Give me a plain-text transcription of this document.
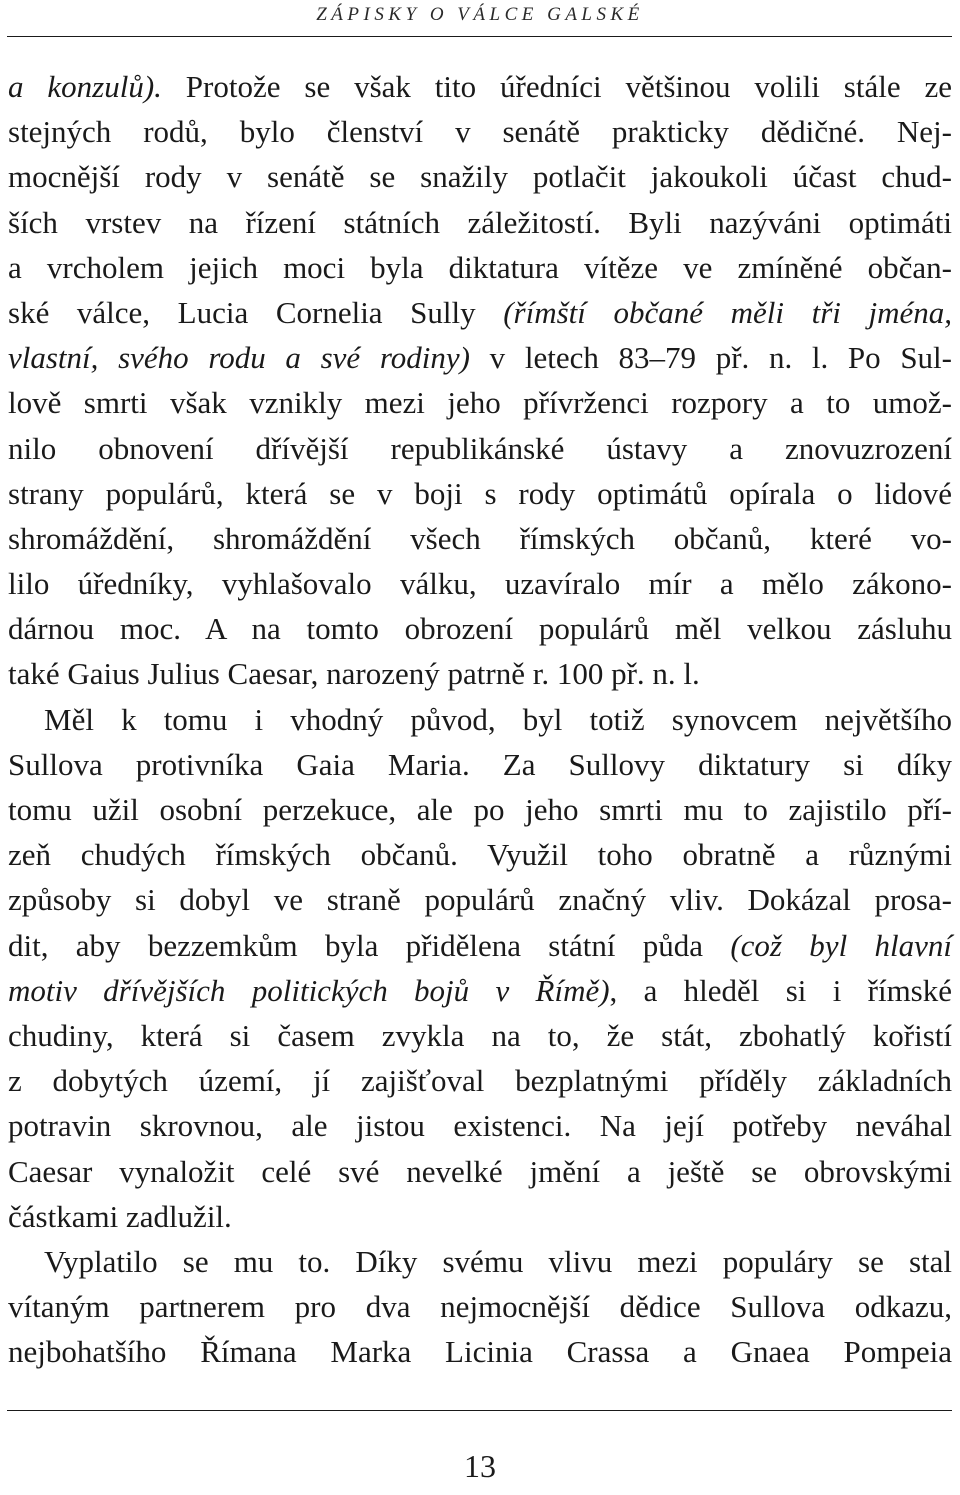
ZÁPISKY O VÁLCE GALSKÉ
a konzulů). Protože se však tito úředníci většinou volili stále ze
stejných rodů, bylo členství v senátě prakticky dědičné. Nej-
mocnější rody v senátě se snažily potlačit jakoukoli účast chud-
ších vrstev na řízení státních záležitostí. Byli nazýváni optimáti
a vrcholem jejich moci byla diktatura vítěze ve zmíněné občan-
ské válce, Lucia Cornelia Sully (římští občané měli tři jména,
vlastní, svého rodu a své rodiny) v letech 83–79 př. n. l. Po Sul-
lově smrti však vznikly mezi jeho přívrženci rozpory a to umož-
nilo obnovení dřívější republikánské ústavy a znovuzrození
strany populárů, která se v boji s rody optimátů opírala o lidové
shromáždění, shromáždění všech římských občanů, které vo-
lilo úředníky, vyhlašovalo válku, uzavíralo mír a mělo zákono-
dárnou moc. A na tomto obrození populárů měl velkou zásluhu
také Gaius Julius Caesar, narozený patrně r. 100 př. n. l.
Měl k tomu i vhodný původ, byl totiž synovcem největšího
Sullova protivníka Gaia Maria. Za Sullovy diktatury si díky
tomu užil osobní perzekuce, ale po jeho smrti mu to zajistilo pří-
zeň chudých římských občanů. Využil toho obratně a různými
způsoby si dobyl ve straně populárů značný vliv. Dokázal prosa-
dit, aby bezzemkům byla přidělena státní půda (což byl hlavní
motiv dřívějších politických bojů v Římě), a hleděl si i římské
chudiny, která si časem zvykla na to, že stát, zbohatlý kořistí
z dobytých území, jí zajišťoval bezplatnými příděly základních
potravin skrovnou, ale jistou existenci. Na její potřeby neváhal
Caesar vynaložit celé své nevelké jmění a ještě se obrovskými
částkami zadlužil.
Vyplatilo se mu to. Díky svému vlivu mezi populáry se stal
vítaným partnerem pro dva nejmocnější dědice Sullova odkazu,
nejbohatšího Římana Marka Licinia Crassa a Gnaea Pompeia
13
